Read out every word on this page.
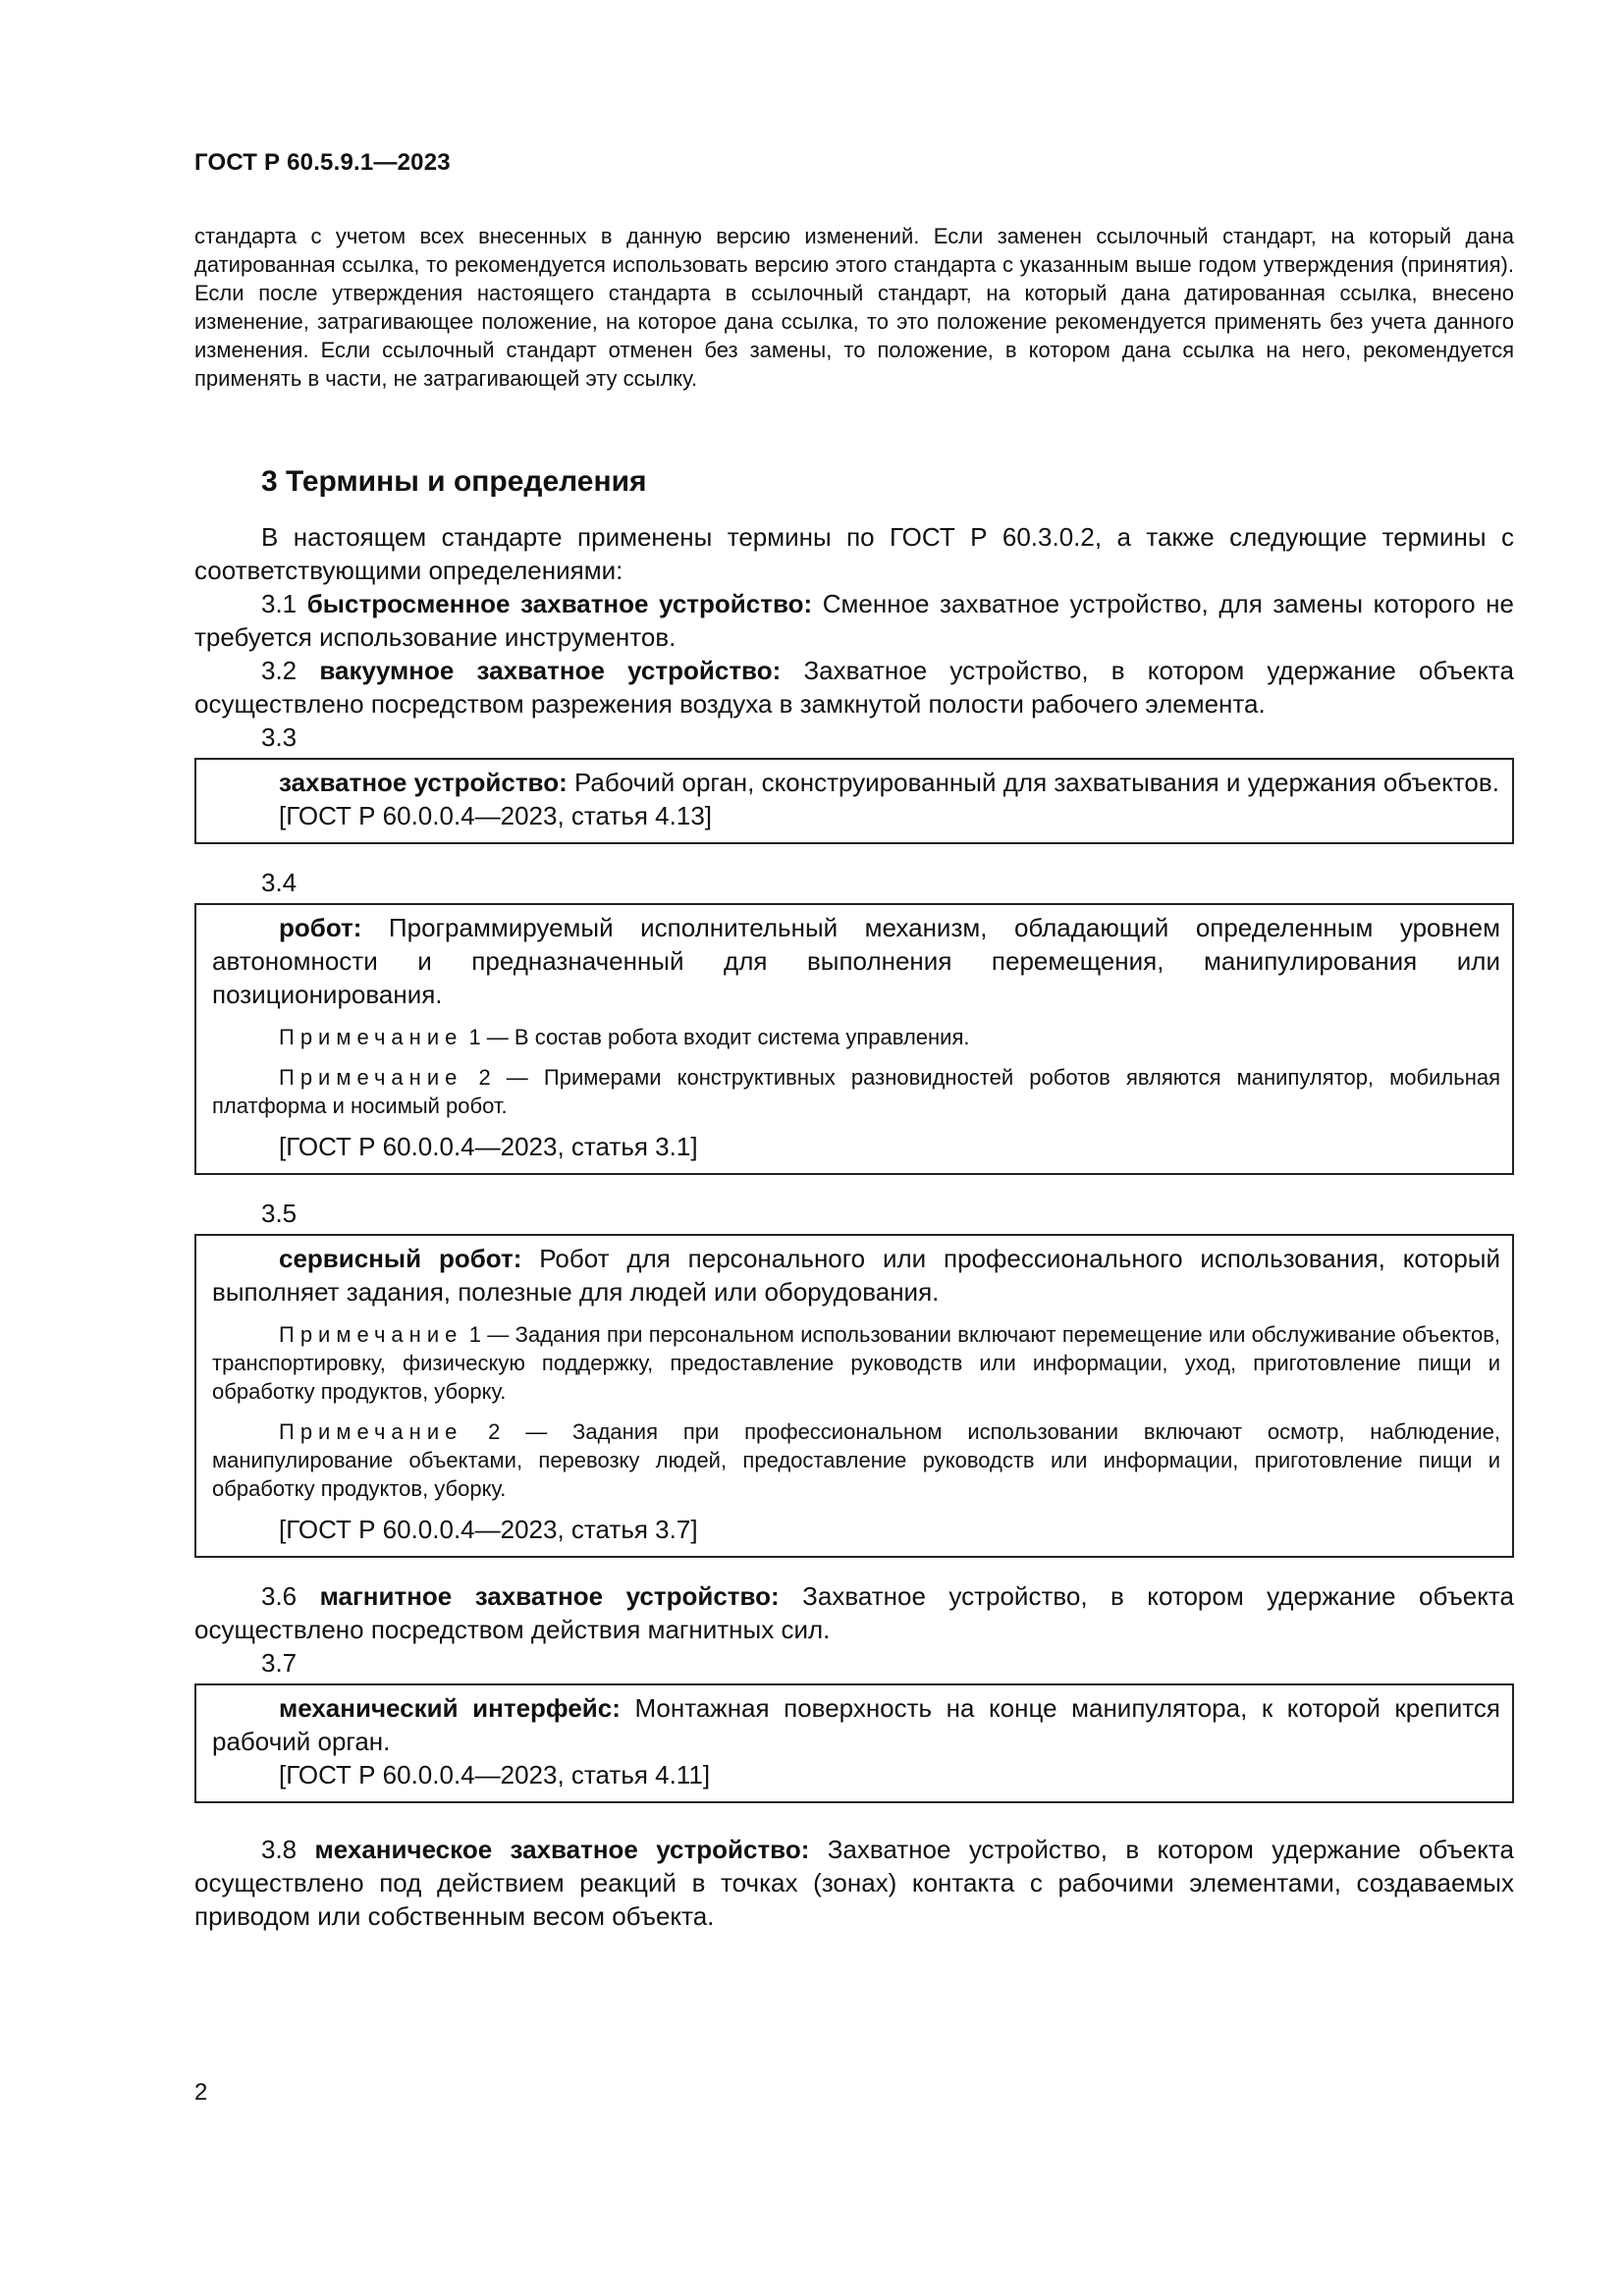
ГОСТ Р 60.5.9.1—2023

стандарта с учетом всех внесенных в данную версию изменений. Если заменен ссылочный стандарт, на который дана датированная ссылка, то рекомендуется использовать версию этого стандарта с указанным выше годом утверждения (принятия). Если после утверждения настоящего стандарта в ссылочный стандарт, на который дана датированная ссылка, внесено изменение, затрагивающее положение, на которое дана ссылка, то это положение рекомендуется применять без учета данного изменения. Если ссылочный стандарт отменен без замены, то положение, в котором дана ссылка на него, рекомендуется применять в части, не затрагивающей эту ссылку.

3 Термины и определения

В настоящем стандарте применены термины по ГОСТ Р 60.3.0.2, а также следующие термины с соответствующими определениями:

3.1 быстросменное захватное устройство: Сменное захватное устройство, для замены которого не требуется использование инструментов.

3.2 вакуумное захватное устройство: Захватное устройство, в котором удержание объекта осуществлено посредством разрежения воздуха в замкнутой полости рабочего элемента.

3.3

захватное устройство: Рабочий орган, сконструированный для захватывания и удержания объектов.

[ГОСТ Р 60.0.0.4—2023, статья 4.13]

3.4

робот: Программируемый исполнительный механизм, обладающий определенным уровнем автономности и предназначенный для выполнения перемещения, манипулирования или позиционирования.

Примечание 1 — В состав робота входит система управления.

Примечание 2 — Примерами конструктивных разновидностей роботов являются манипулятор, мобильная платформа и носимый робот.

[ГОСТ Р 60.0.0.4—2023, статья 3.1]

3.5

сервисный робот: Робот для персонального или профессионального использования, который выполняет задания, полезные для людей или оборудования.

Примечание 1 — Задания при персональном использовании включают перемещение или обслуживание объектов, транспортировку, физическую поддержку, предоставление руководств или информации, уход, приготовление пищи и обработку продуктов, уборку.

Примечание 2 — Задания при профессиональном использовании включают осмотр, наблюдение, манипулирование объектами, перевозку людей, предоставление руководств или информации, приготовление пищи и обработку продуктов, уборку.

[ГОСТ Р 60.0.0.4—2023, статья 3.7]

3.6 магнитное захватное устройство: Захватное устройство, в котором удержание объекта осуществлено посредством действия магнитных сил.

3.7

механический интерфейс: Монтажная поверхность на конце манипулятора, к которой крепится рабочий орган.

[ГОСТ Р 60.0.0.4—2023, статья 4.11]

3.8 механическое захватное устройство: Захватное устройство, в котором удержание объекта осуществлено под действием реакций в точках (зонах) контакта с рабочими элементами, создаваемых приводом или собственным весом объекта.

2
